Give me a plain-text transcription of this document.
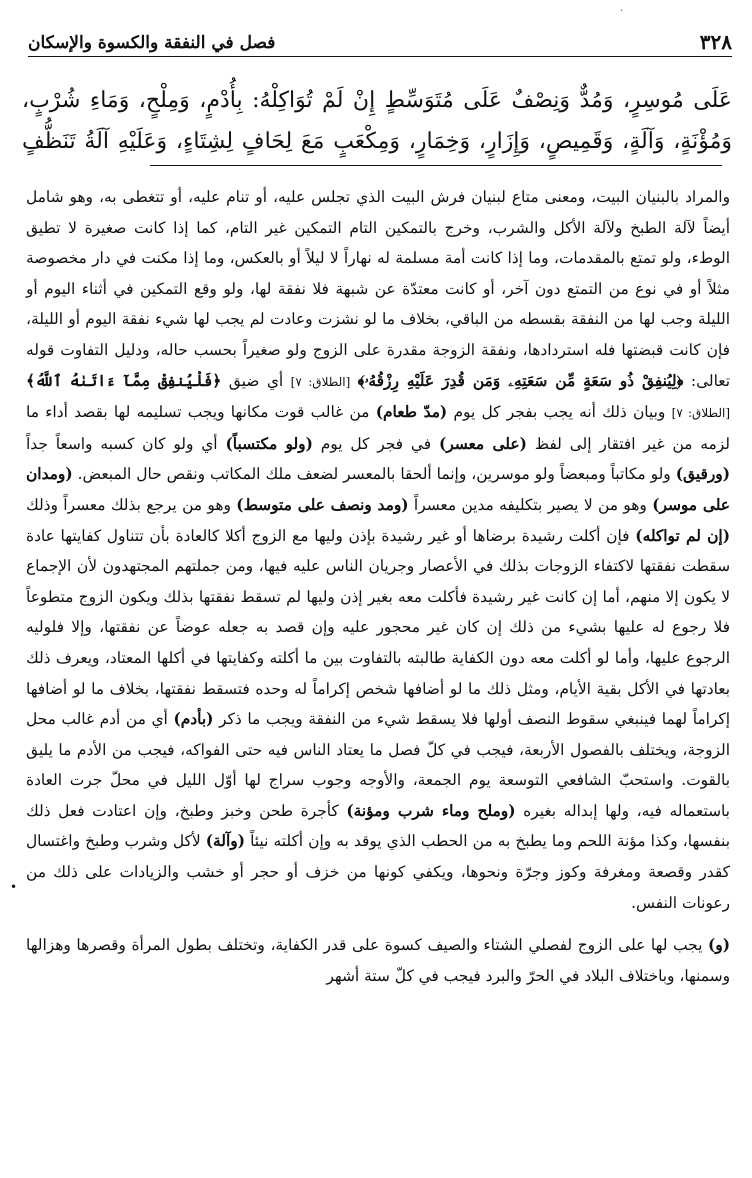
·
فصل في النفقة والكسوة والإسكان	٣٢٨

عَلَى مُوسِرٍ، وَمُدٌّ وَنِصْفٌ عَلَى مُتَوَسِّطٍ إِنْ لَمْ تُوَاكِلْهُ: بِأُدْمٍ، وَمِلْحٍ، وَمَاءِ شُرْبٍ،

وَمُؤْنَةٍ، وَآلَةٍ، وَقَمِيصٍ، وَإِزَارٍ، وَخِمَارٍ، وَمِكْعَبٍ مَعَ لِحَافٍ لِشِتَاءٍ، وَعَلَيْهِ آلَةُ تَنَظُّفٍ

•

والمراد بالبنيان البيت، ومعنى متاع لبنيان فرش البيت الذي تجلس عليه، أو تنام عليه، أو تتغطى به، وهو شامل أيضاً لآلة الطبخ ولآلة الأكل والشرب، وخرج بالتمكين التام التمكين غير التام، كما إذا كانت صغيرة لا تطيق الوطء، ولو تمتع بالمقدمات، وما إذا كانت أمة مسلمة له نهاراً لا ليلاً أو بالعكس، وما إذا مكنت في دار مخصوصة مثلاً أو في نوع من التمتع دون آخر، أو كانت معتدّة عن شبهة فلا نفقة لها، ولو وقع التمكين في أثناء اليوم أو الليلة وجب لها من النفقة بقسطه من الباقي، بخلاف ما لو نشزت وعادت لم يجب لها شيء نفقة اليوم أو الليلة، فإن كانت قبضتها فله استردادها، ونفقة الزوجة مقدرة على الزوج ولو صغيراً بحسب حاله، ودليل التفاوت قوله تعالى: ﴿لِيُنفِقْ ذُو سَعَةٍ مِّن سَعَتِهِۦ وَمَن قُدِرَ عَلَيْهِ رِزْقُهُۥ﴾ [الطلاق: ٧] أي ضيق ﴿فَلْيُنفِقْ مِمَّآ ءَاتَىٰهُ ٱللَّهُ﴾ [الطلاق: ٧] وبيان ذلك أنه يجب بفجر كل يوم (مدّ طعام) من غالب قوت مكانها ويجب تسليمه لها بقصد أداء ما لزمه من غير افتقار إلى لفظ (على معسر) في فجر كل يوم (ولو مكتسباً) أي ولو كان كسبه واسعاً جداً (ورقيق) ولو مكاتباً ومبعضاً ولو موسرين، وإنما ألحقا بالمعسر لضعف ملك المكاتب ونقص حال المبعض. (ومدان على موسر) وهو من لا يصير بتكليفه مدين معسراً (ومد ونصف على متوسط) وهو من يرجع بذلك معسراً وذلك (إن لم تواكله) فإن أكلت رشيدة برضاها أو غير رشيدة بإذن وليها مع الزوج أكلا كالعادة بأن تتناول كفايتها عادة سقطت نفقتها لاكتفاء الزوجات بذلك في الأعصار وجريان الناس عليه فيها، ومن جملتهم المجتهدون لأن الإجماع لا يكون إلا منهم، أما إن كانت غير رشيدة فأكلت معه بغير إذن وليها لم تسقط نفقتها بذلك ويكون الزوج متطوعاً فلا رجوع له عليها بشيء من ذلك إن كان غير محجور عليه وإن قصد به جعله عوضاً عن نفقتها، وإلا فلوليه الرجوع عليها، وأما لو أكلت معه دون الكفاية طالبته بالتفاوت بين ما أكلته وكفايتها في أكلها المعتاد، ويعرف ذلك بعادتها في الأكل بقية الأيام، ومثل ذلك ما لو أضافها شخص إكراماً له وحده فتسقط نفقتها، بخلاف ما لو أضافها إكراماً لهما فينبغي سقوط النصف أولها فلا يسقط شيء من النفقة ويجب ما ذكر (بأدم) أي من أدم غالب محل الزوجة، ويختلف بالفصول الأربعة، فيجب في كلّ فصل ما يعتاد الناس فيه حتى الفواكه، فيجب من الأدم ما يليق بالقوت. واستحبّ الشافعي التوسعة يوم الجمعة، والأوجه وجوب سراج لها أوّل الليل في محلّ جرت العادة باستعماله فيه، ولها إبداله بغيره (وملح وماء شرب ومؤنة) كأجرة طحن وخبز وطبخ، وإن اعتادت فعل ذلك بنفسها، وكذا مؤنة اللحم وما يطبخ به من الحطب الذي يوقد به وإن أكلته نيئاً (وآلة) لأكل وشرب وطبخ واغتسال كقدر وقصعة ومغرفة وكوز وجرّة ونحوها، ويكفي كونها من خزف أو حجر أو خشب والزيادات على ذلك من رعونات النفس.

(و) يجب لها على الزوج لفصلي الشتاء والصيف كسوة على قدر الكفاية، وتختلف بطول المرأة وقصرها وهزالها وسمنها، وباختلاف البلاد في الحرّ والبرد فيجب في كلّ ستة أشهر
